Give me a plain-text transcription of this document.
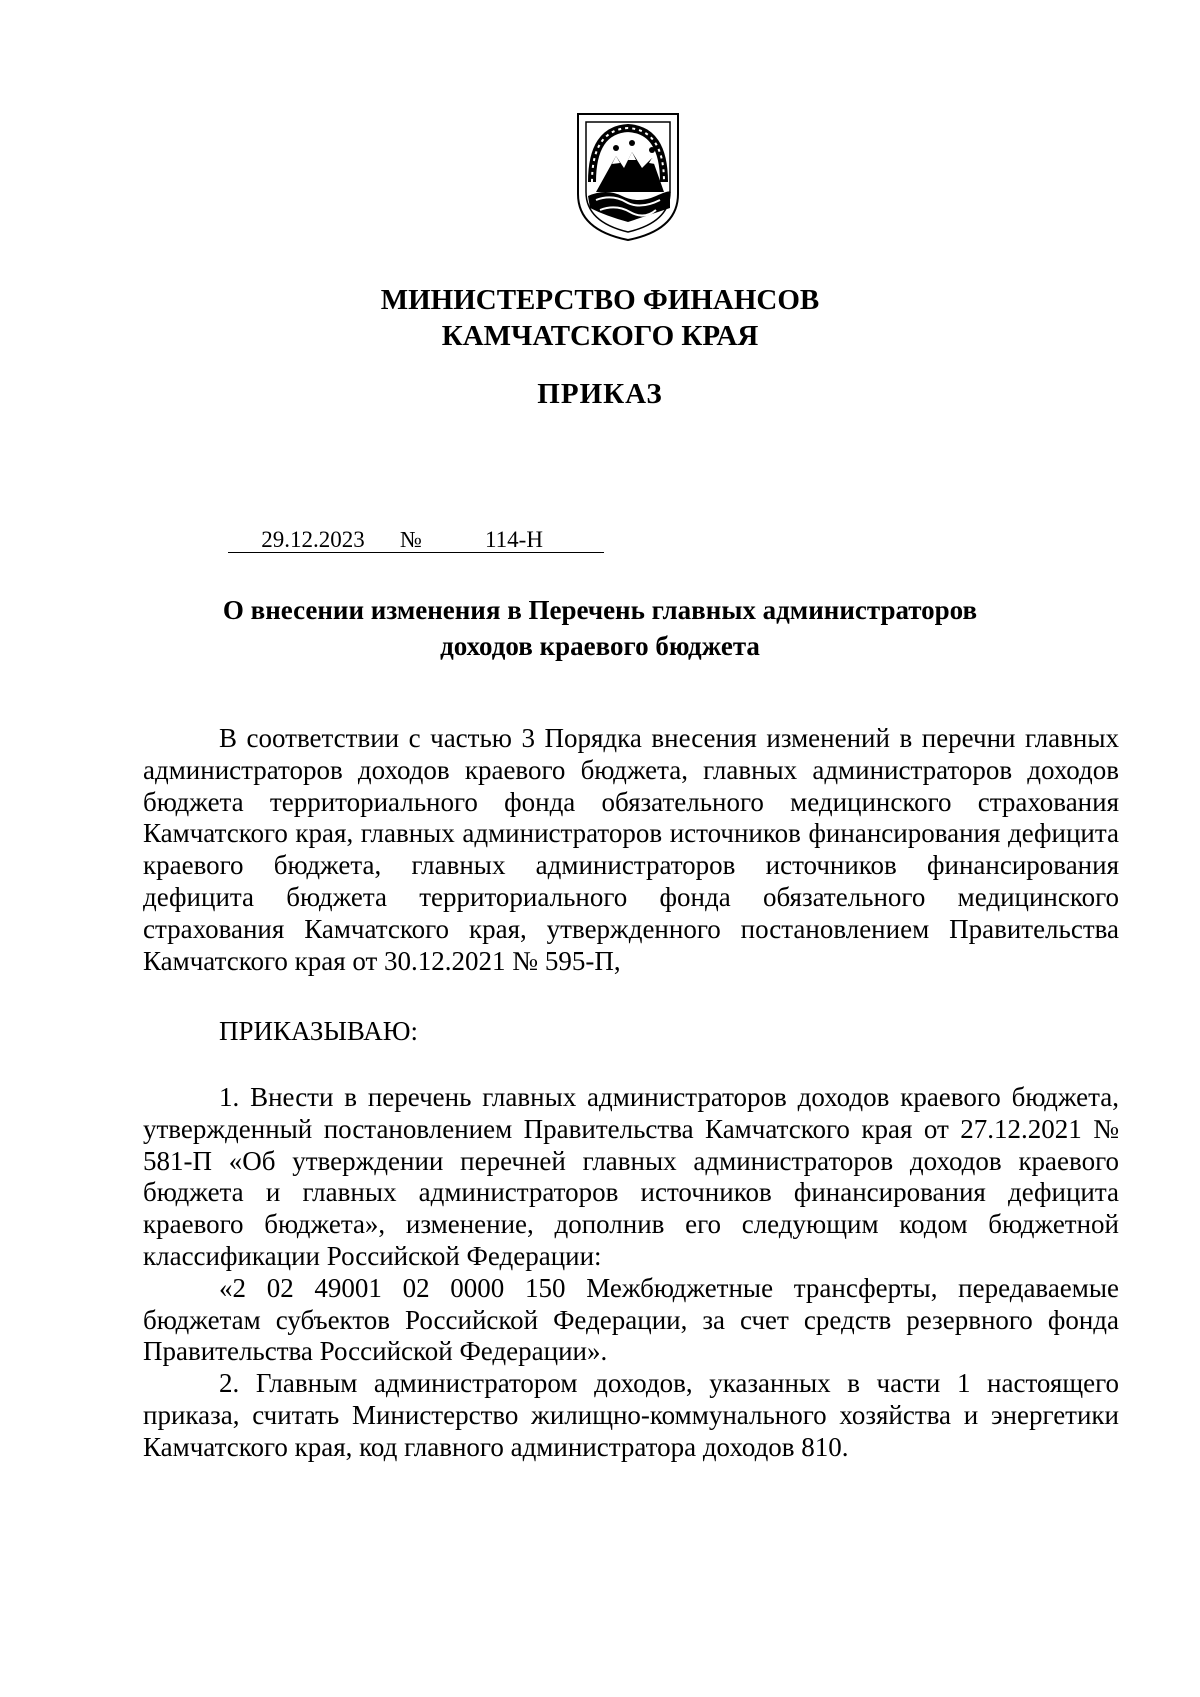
МИНИСТЕРСТВО ФИНАНСОВ
КАМЧАТСКОГО КРАЯ
ПРИКАЗ
29.12.2023 №	114-Н
О внесении изменения в Перечень главных администраторов
доходов краевого бюджета

В соответствии с частью 3 Порядка внесения изменений в перечни главных администраторов доходов краевого бюджета, главных администраторов доходов бюджета территориального фонда обязательного медицинского страхования Камчатского края, главных администраторов источников финансирования дефицита краевого бюджета, главных администраторов источников финансирования дефицита бюджета территориального фонда обязательного медицинского страхования Камчатского края, утвержденного постановлением Правительства Камчатского края от 30.12.2021 № 595-П,

ПРИКАЗЫВАЮ:

1. Внести в перечень главных администраторов доходов краевого бюджета, утвержденный постановлением Правительства Камчатского края от 27.12.2021 № 581-П «Об утверждении перечней главных администраторов доходов краевого бюджета и главных администраторов источников финансирования дефицита краевого бюджета», изменение, дополнив его следующим кодом бюджетной классификации Российской Федерации:

«2 02 49001 02 0000 150 Межбюджетные трансферты, передаваемые бюджетам субъектов Российской Федерации, за счет средств резервного фонда Правительства Российской Федерации».

2. Главным администратором доходов, указанных в части 1 настоящего приказа, считать Министерство жилищно-коммунального хозяйства и энергетики Камчатского края, код главного администратора доходов 810.
